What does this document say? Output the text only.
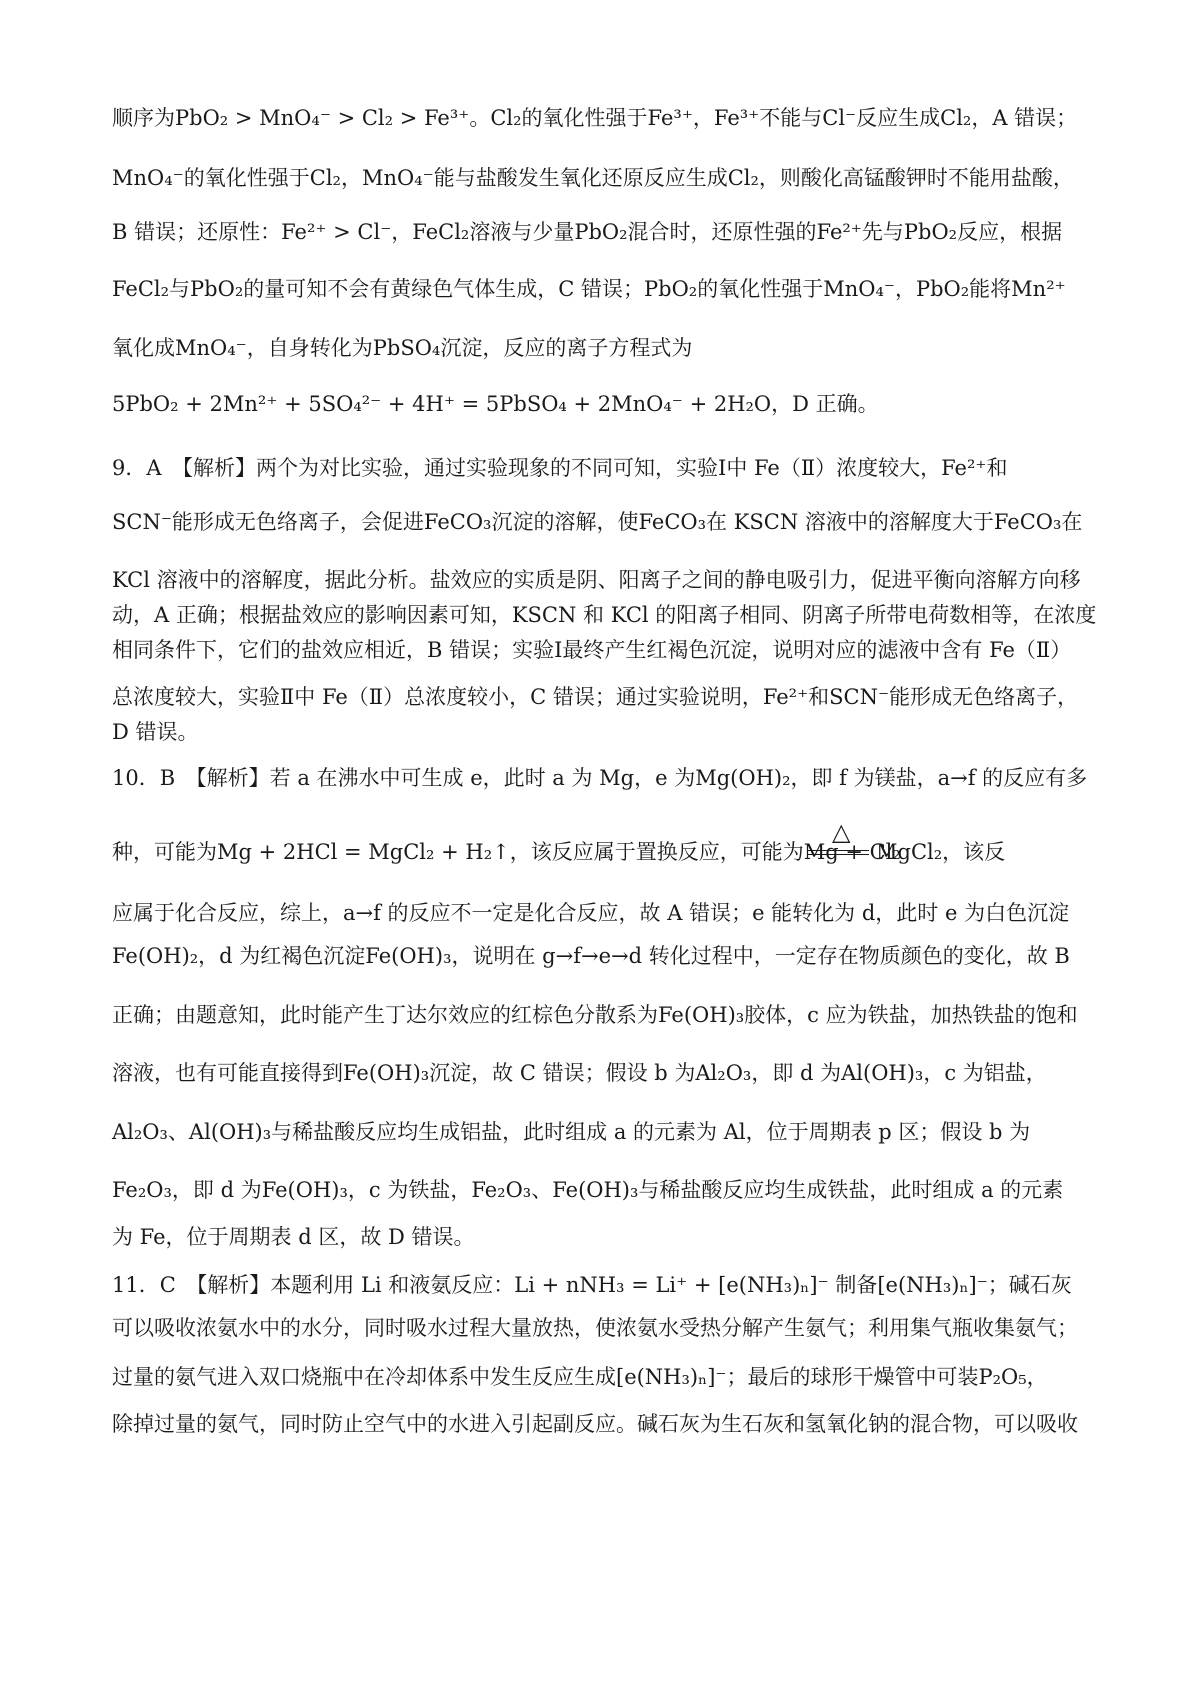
顺序为PbO₂ > MnO₄⁻ > Cl₂ > Fe³⁺。Cl₂的氧化性强于Fe³⁺，Fe³⁺不能与Cl⁻反应生成Cl₂，A 错误；
MnO₄⁻的氧化性强于Cl₂，MnO₄⁻能与盐酸发生氧化还原反应生成Cl₂，则酸化高锰酸钾时不能用盐酸，
B 错误；还原性：Fe²⁺ > Cl⁻，FeCl₂溶液与少量PbO₂混合时，还原性强的Fe²⁺先与PbO₂反应，根据
FeCl₂与PbO₂的量可知不会有黄绿色气体生成，C 错误；PbO₂的氧化性强于MnO₄⁻，PbO₂能将Mn²⁺
氧化成MnO₄⁻，自身转化为PbSO₄沉淀，反应的离子方程式为
5PbO₂ + 2Mn²⁺ + 5SO₄²⁻ + 4H⁺ = 5PbSO₄ + 2MnO₄⁻ + 2H₂O，D 正确。
9．A　【解析】两个为对比实验，通过实验现象的不同可知，实验Ⅰ中 Fe（Ⅱ）浓度较大，Fe²⁺和
SCN⁻能形成无色络离子，会促进FeCO₃沉淀的溶解，使FeCO₃在 KSCN 溶液中的溶解度大于FeCO₃在
KCl 溶液中的溶解度，据此分析。盐效应的实质是阴、阳离子之间的静电吸引力，促进平衡向溶解方向移
动，A 正确；根据盐效应的影响因素可知，KSCN 和 KCl 的阳离子相同、阴离子所带电荷数相等，在浓度
相同条件下，它们的盐效应相近，B 错误；实验Ⅰ最终产生红褐色沉淀，说明对应的滤液中含有 Fe（Ⅱ）
总浓度较大，实验Ⅱ中 Fe（Ⅱ）总浓度较小，C 错误；通过实验说明，Fe²⁺和SCN⁻能形成无色络离子，
D 错误。
10．B　【解析】若 a 在沸水中可生成 e，此时 a 为 Mg，e 为Mg(OH)₂，即 f 为镁盐，a→f 的反应有多
种，可能为Mg + 2HCl = MgCl₂ + H₂↑，该反应属于置换反应，可能为Mg + Cl₂
△
MgCl₂，该反
应属于化合反应，综上，a→f 的反应不一定是化合反应，故 A 错误；e 能转化为 d，此时 e 为白色沉淀
Fe(OH)₂，d 为红褐色沉淀Fe(OH)₃，说明在 g→f→e→d 转化过程中，一定存在物质颜色的变化，故 B
正确；由题意知，此时能产生丁达尔效应的红棕色分散系为Fe(OH)₃胶体，c 应为铁盐，加热铁盐的饱和
溶液，也有可能直接得到Fe(OH)₃沉淀，故 C 错误；假设 b 为Al₂O₃，即 d 为Al(OH)₃，c 为铝盐，
Al₂O₃、Al(OH)₃与稀盐酸反应均生成铝盐，此时组成 a 的元素为 Al，位于周期表 p 区；假设 b 为
Fe₂O₃，即 d 为Fe(OH)₃，c 为铁盐，Fe₂O₃、Fe(OH)₃与稀盐酸反应均生成铁盐，此时组成 a 的元素
为 Fe，位于周期表 d 区，故 D 错误。
11．C　【解析】本题利用 Li 和液氨反应：Li + nNH₃ = Li⁺ + [e(NH₃)ₙ]⁻ 制备[e(NH₃)ₙ]⁻；碱石灰
可以吸收浓氨水中的水分，同时吸水过程大量放热，使浓氨水受热分解产生氨气；利用集气瓶收集氨气；
过量的氨气进入双口烧瓶中在冷却体系中发生反应生成[e(NH₃)ₙ]⁻；最后的球形干燥管中可装P₂O₅，
除掉过量的氨气，同时防止空气中的水进入引起副反应。碱石灰为生石灰和氢氧化钠的混合物，可以吸收
